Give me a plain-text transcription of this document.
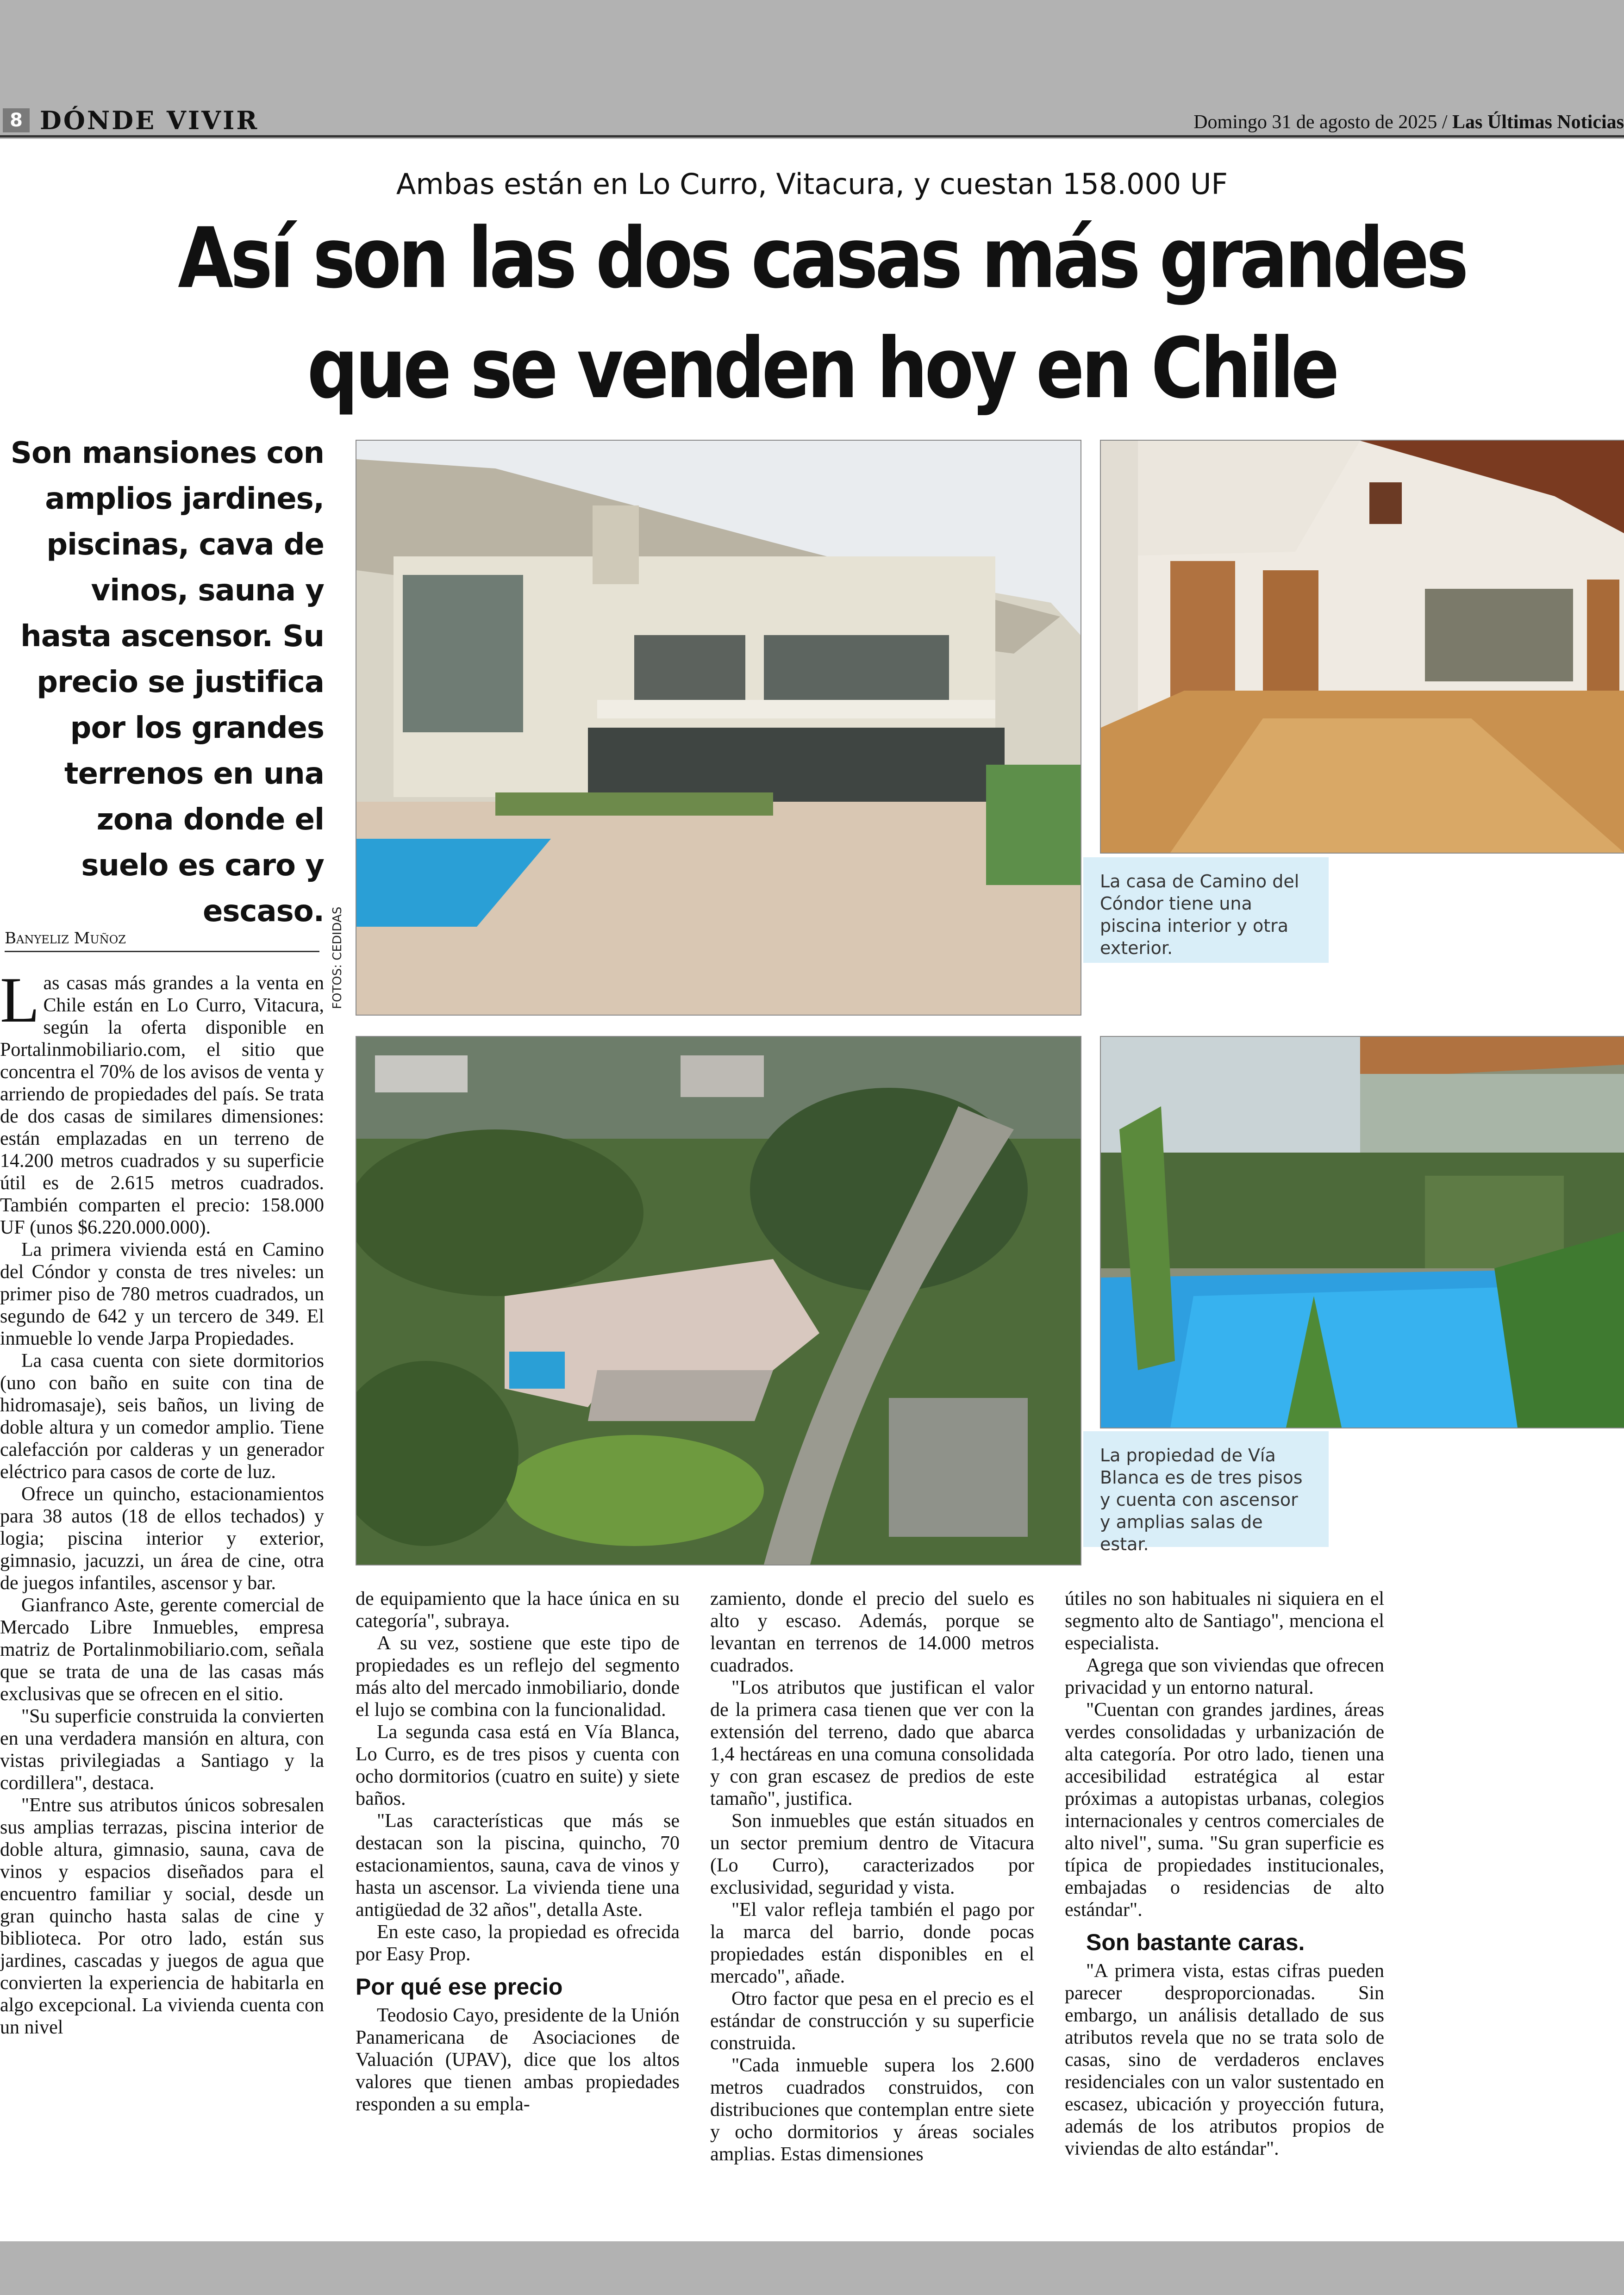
8 DÓNDE VIVIR	Domingo 31 de agosto de 2025 / Las Últimas Noticias
Ambas están en Lo Curro, Vitacura, y cuestan 158.000 UF
Así son las dos casas más grandes
que se venden hoy en Chile
Son mansiones con amplios jardines, piscinas, cava de vinos, sauna y hasta ascensor. Su precio se justifica por los grandes terrenos en una zona donde el suelo es caro y escaso.
Banyeliz Muñoz	FOTOS: CEDIDAS
La casa de Camino del Cóndor tiene una piscina interior y otra exterior.
La propiedad de Vía Blanca es de tres pisos y cuenta con ascensor y amplias salas de estar.

Las casas más grandes a la venta en Chile están en Lo Curro, Vitacura, según la oferta disponible en Portalinmobiliario.com, el sitio que concentra el 70% de los avisos de venta y arriendo de propiedades del país. Se trata de dos casas de similares dimensiones: están emplazadas en un terreno de 14.200 metros cuadrados y su superficie útil es de 2.615 metros cuadrados. También comparten el precio: 158.000 UF (unos $6.220.000.000).

La primera vivienda está en Camino del Cóndor y consta de tres niveles: un primer piso de 780 metros cuadrados, un segundo de 642 y un tercero de 349. El inmueble lo vende Jarpa Propiedades.

La casa cuenta con siete dormitorios (uno con baño en suite con tina de hidromasaje), seis baños, un living de doble altura y un comedor amplio. Tiene calefacción por calderas y un generador eléctrico para casos de corte de luz.

Ofrece un quincho, estacionamientos para 38 autos (18 de ellos techados) y logia; piscina interior y exterior, gimnasio, jacuzzi, un área de cine, otra de juegos infantiles, ascensor y bar.

Gianfranco Aste, gerente comercial de Mercado Libre Inmuebles, empresa matriz de Portalinmobiliario.com, señala que se trata de una de las casas más exclusivas que se ofrecen en el sitio.

"Su superficie construida la convierten en una verdadera mansión en altura, con vistas privilegiadas a Santiago y la cordillera", destaca.

"Entre sus atributos únicos sobresalen sus amplias terrazas, piscina interior de doble altura, gimnasio, sauna, cava de vinos y espacios diseñados para el encuentro familiar y social, desde un gran quincho hasta salas de cine y biblioteca. Por otro lado, están sus jardines, cascadas y juegos de agua que convierten la experiencia de habitarla en algo excepcional. La vivienda cuenta con un nivel

de equipamiento que la hace única en su categoría", subraya.

A su vez, sostiene que este tipo de propiedades es un reflejo del segmento más alto del mercado inmobiliario, donde el lujo se combina con la funcionalidad.

La segunda casa está en Vía Blanca, Lo Curro, es de tres pisos y cuenta con ocho dormitorios (cuatro en suite) y siete baños.

"Las características que más se destacan son la piscina, quincho, 70 estacionamientos, sauna, cava de vinos y hasta un ascensor. La vivienda tiene una antigüedad de 32 años", detalla Aste.

En este caso, la propiedad es ofrecida por Easy Prop.

Por qué ese precio

Teodosio Cayo, presidente de la Unión Panamericana de Asociaciones de Valuación (UPAV), dice que los altos valores que tienen ambas propiedades responden a su empla-

zamiento, donde el precio del suelo es alto y escaso. Además, porque se levantan en terrenos de 14.000 metros cuadrados.

"Los atributos que justifican el valor de la primera casa tienen que ver con la extensión del terreno, dado que abarca 1,4 hectáreas en una comuna consolidada y con gran escasez de predios de este tamaño", justifica.

Son inmuebles que están situados en un sector premium dentro de Vitacura (Lo Curro), caracterizados por exclusividad, seguridad y vista.

"El valor refleja también el pago por la marca del barrio, donde pocas propiedades están disponibles en el mercado", añade.

Otro factor que pesa en el precio es el estándar de construcción y su superficie construida.

"Cada inmueble supera los 2.600 metros cuadrados construidos, con distribuciones que contemplan entre siete y ocho dormitorios y áreas sociales amplias. Estas dimensiones

útiles no son habituales ni siquiera en el segmento alto de Santiago", menciona el especialista.

Agrega que son viviendas que ofrecen privacidad y un entorno natural.

"Cuentan con grandes jardines, áreas verdes consolidadas y urbanización de alta categoría. Por otro lado, tienen una accesibilidad estratégica al estar próximas a autopistas urbanas, colegios internacionales y centros comerciales de alto nivel", suma. "Su gran superficie es típica de propiedades institucionales, embajadas o residencias de alto estándar".

Son bastante caras.

"A primera vista, estas cifras pueden parecer desproporcionadas. Sin embargo, un análisis detallado de sus atributos revela que no se trata solo de casas, sino de verdaderos enclaves residenciales con un valor sustentado en escasez, ubicación y proyección futura, además de los atributos propios de viviendas de alto estándar".
